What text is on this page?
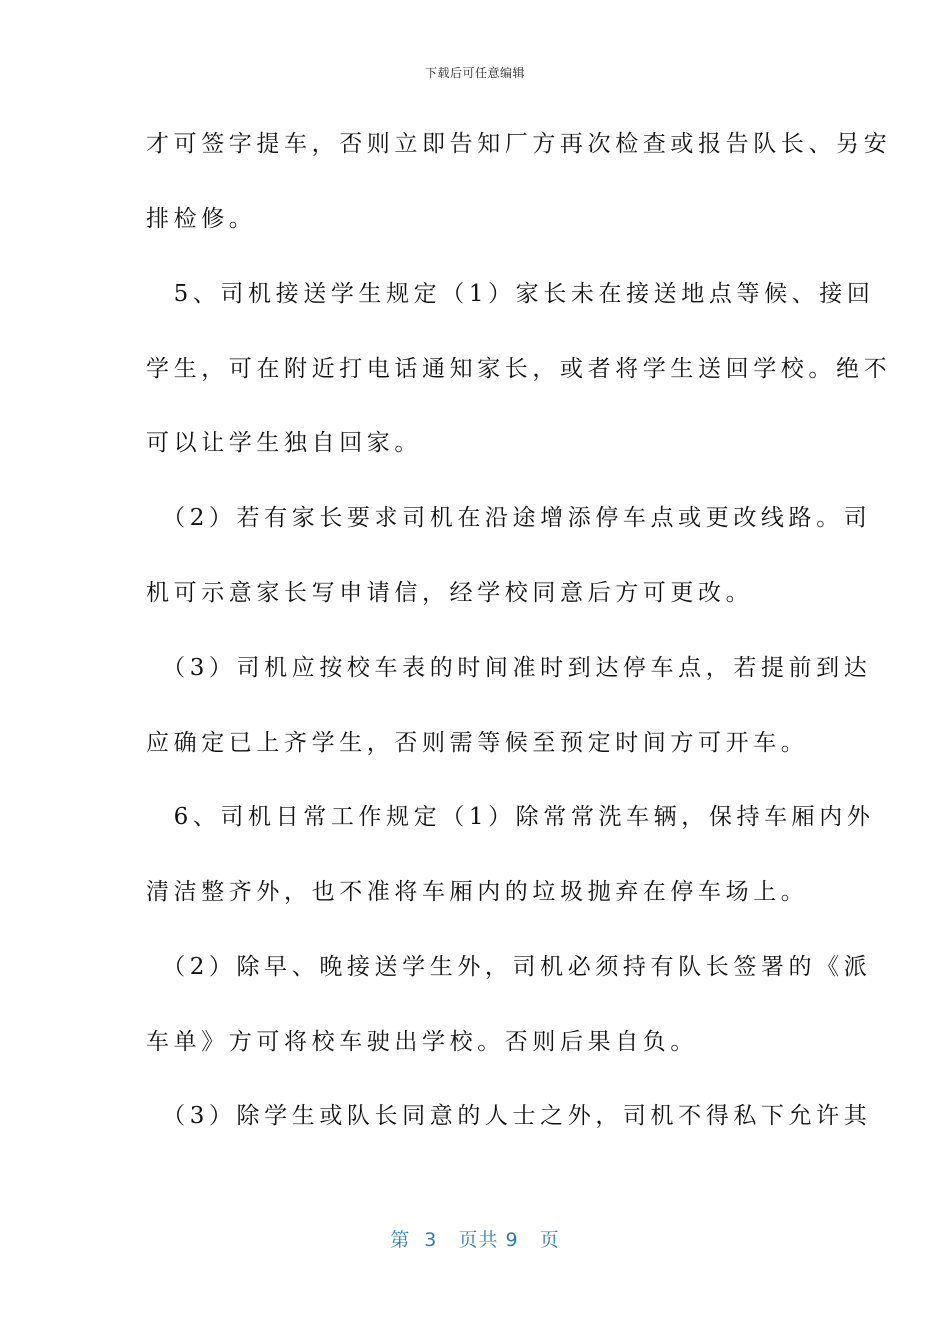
下载后可任意编辑
才可签字提车，否则立即告知厂方再次检查或报告队长、另安
排检修。
　5、司机接送学生规定（1）家长未在接送地点等候、接回
学生，可在附近打电话通知家长，或者将学生送回学校。绝不
可以让学生独自回家。
　（2）若有家长要求司机在沿途增添停车点或更改线路。司
机可示意家长写申请信，经学校同意后方可更改。
　（3）司机应按校车表的时间准时到达停车点，若提前到达
应确定已上齐学生，否则需等候至预定时间方可开车。
　6、司机日常工作规定（1）除常常洗车辆，保持车厢内外
清洁整齐外，也不准将车厢内的垃圾抛弃在停车场上。
　（2）除早、晚接送学生外，司机必须持有队长签署的《派
车单》方可将校车驶出学校。否则后果自负。
　（3）除学生或队长同意的人士之外，司机不得私下允许其
第  3   页共 9   页
